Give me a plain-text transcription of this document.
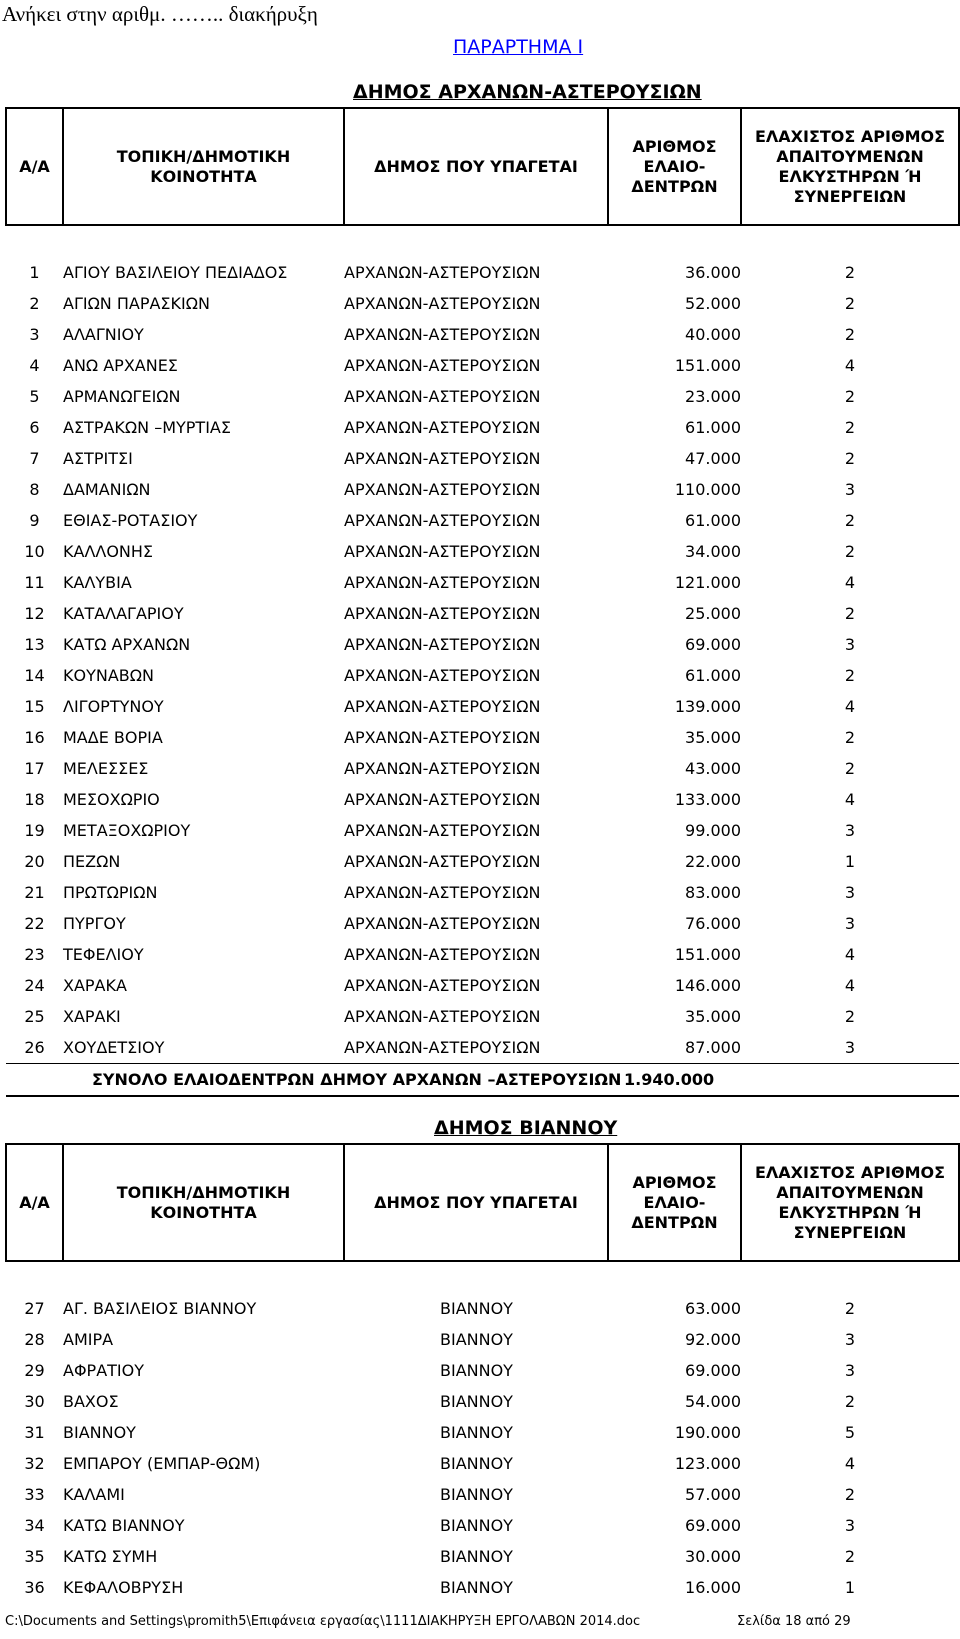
Ανήκει στην αριθμ. …….. διακήρυξη
ΠΑΡΑΡΤΗΜΑ Ι
ΔΗΜΟΣ ΑΡΧΑΝΩΝ-ΑΣΤΕΡΟΥΣΙΩΝ
Α/Α	ΤΟΠΙΚΗ/ΔΗΜΟΤΙΚΗ ΚΟΙΝΟΤΗΤΑ	ΔΗΜΟΣ ΠΟΥ ΥΠΑΓΕΤΑΙ	ΑΡΙΘΜΟΣ ΕΛΑΙΟ- ΔΕΝΤΡΩΝ	ΕΛΑΧΙΣΤΟΣ ΑΡΙΘΜΟΣ ΑΠΑΙΤΟΥΜΕΝΩΝ ΕΛΚΥΣΤΗΡΩΝ Ή ΣΥΝΕΡΓΕΙΩΝ

1	ΑΓΙΟΥ ΒΑΣΙΛΕΙΟΥ ΠΕΔΙΑΔΟΣ	ΑΡΧΑΝΩΝ-ΑΣΤΕΡΟΥΣΙΩΝ	36.000	2
2	ΑΓΙΩΝ ΠΑΡΑΣΚΙΩΝ	ΑΡΧΑΝΩΝ-ΑΣΤΕΡΟΥΣΙΩΝ	52.000	2
3	ΑΛΑΓΝΙΟΥ	ΑΡΧΑΝΩΝ-ΑΣΤΕΡΟΥΣΙΩΝ	40.000	2
4	ΑΝΩ ΑΡΧΑΝΕΣ	ΑΡΧΑΝΩΝ-ΑΣΤΕΡΟΥΣΙΩΝ	151.000	4
5	ΑΡΜΑΝΩΓΕΙΩΝ	ΑΡΧΑΝΩΝ-ΑΣΤΕΡΟΥΣΙΩΝ	23.000	2
6	ΑΣΤΡΑΚΩΝ –ΜΥΡΤΙΑΣ	ΑΡΧΑΝΩΝ-ΑΣΤΕΡΟΥΣΙΩΝ	61.000	2
7	ΑΣΤΡΙΤΣΙ	ΑΡΧΑΝΩΝ-ΑΣΤΕΡΟΥΣΙΩΝ	47.000	2
8	ΔΑΜΑΝΙΩΝ	ΑΡΧΑΝΩΝ-ΑΣΤΕΡΟΥΣΙΩΝ	110.000	3
9	ΕΘΙΑΣ-ΡΟΤΑΣΙΟΥ	ΑΡΧΑΝΩΝ-ΑΣΤΕΡΟΥΣΙΩΝ	61.000	2
10	ΚΑΛΛΟΝΗΣ	ΑΡΧΑΝΩΝ-ΑΣΤΕΡΟΥΣΙΩΝ	34.000	2
11	ΚΑΛΥΒΙΑ	ΑΡΧΑΝΩΝ-ΑΣΤΕΡΟΥΣΙΩΝ	121.000	4
12	ΚΑΤΑΛΑΓΑΡΙΟΥ	ΑΡΧΑΝΩΝ-ΑΣΤΕΡΟΥΣΙΩΝ	25.000	2
13	ΚΑΤΩ ΑΡΧΑΝΩΝ	ΑΡΧΑΝΩΝ-ΑΣΤΕΡΟΥΣΙΩΝ	69.000	3
14	ΚΟΥΝΑΒΩΝ	ΑΡΧΑΝΩΝ-ΑΣΤΕΡΟΥΣΙΩΝ	61.000	2
15	ΛΙΓΟΡΤΥΝΟΥ	ΑΡΧΑΝΩΝ-ΑΣΤΕΡΟΥΣΙΩΝ	139.000	4
16	ΜΑΔΕ ΒΟΡΙΑ	ΑΡΧΑΝΩΝ-ΑΣΤΕΡΟΥΣΙΩΝ	35.000	2
17	ΜΕΛΕΣΣΕΣ	ΑΡΧΑΝΩΝ-ΑΣΤΕΡΟΥΣΙΩΝ	43.000	2
18	ΜΕΣΟΧΩΡΙΟ	ΑΡΧΑΝΩΝ-ΑΣΤΕΡΟΥΣΙΩΝ	133.000	4
19	ΜΕΤΑΞΟΧΩΡΙΟΥ	ΑΡΧΑΝΩΝ-ΑΣΤΕΡΟΥΣΙΩΝ	99.000	3
20	ΠΕΖΩΝ	ΑΡΧΑΝΩΝ-ΑΣΤΕΡΟΥΣΙΩΝ	22.000	1
21	ΠΡΩΤΩΡΙΩΝ	ΑΡΧΑΝΩΝ-ΑΣΤΕΡΟΥΣΙΩΝ	83.000	3
22	ΠΥΡΓΟΥ	ΑΡΧΑΝΩΝ-ΑΣΤΕΡΟΥΣΙΩΝ	76.000	3
23	ΤΕΦΕΛΙΟΥ	ΑΡΧΑΝΩΝ-ΑΣΤΕΡΟΥΣΙΩΝ	151.000	4
24	ΧΑΡΑΚΑ	ΑΡΧΑΝΩΝ-ΑΣΤΕΡΟΥΣΙΩΝ	146.000	4
25	ΧΑΡΑΚΙ	ΑΡΧΑΝΩΝ-ΑΣΤΕΡΟΥΣΙΩΝ	35.000	2
26	ΧΟΥΔΕΤΣΙΟΥ	ΑΡΧΑΝΩΝ-ΑΣΤΕΡΟΥΣΙΩΝ	87.000	3
ΣΥΝΟΛΟ ΕΛΑΙΟΔΕΝΤΡΩΝ ΔΗΜΟΥ ΑΡΧΑΝΩΝ –ΑΣΤΕΡΟΥΣΙΩΝ			1.940.000	
ΔΗΜΟΣ ΒΙΑΝΝΟΥ
Α/Α	ΤΟΠΙΚΗ/ΔΗΜΟΤΙΚΗ ΚΟΙΝΟΤΗΤΑ	ΔΗΜΟΣ ΠΟΥ ΥΠΑΓΕΤΑΙ	ΑΡΙΘΜΟΣ ΕΛΑΙΟ- ΔΕΝΤΡΩΝ	ΕΛΑΧΙΣΤΟΣ ΑΡΙΘΜΟΣ ΑΠΑΙΤΟΥΜΕΝΩΝ ΕΛΚΥΣΤΗΡΩΝ Ή ΣΥΝΕΡΓΕΙΩΝ

27	ΑΓ. ΒΑΣΙΛΕΙΟΣ ΒΙΑΝΝΟΥ	ΒΙΑΝΝΟΥ	63.000	2
28	ΑΜΙΡΑ	ΒΙΑΝΝΟΥ	92.000	3
29	ΑΦΡΑΤΙΟΥ	ΒΙΑΝΝΟΥ	69.000	3
30	ΒΑΧΟΣ	ΒΙΑΝΝΟΥ	54.000	2
31	ΒΙΑΝΝΟΥ	ΒΙΑΝΝΟΥ	190.000	5
32	ΕΜΠΑΡΟΥ (ΕΜΠΑΡ-ΘΩΜ)	ΒΙΑΝΝΟΥ	123.000	4
33	ΚΑΛΑΜΙ	ΒΙΑΝΝΟΥ	57.000	2
34	ΚΑΤΩ ΒΙΑΝΝΟΥ	ΒΙΑΝΝΟΥ	69.000	3
35	ΚΑΤΩ ΣΥΜΗ	ΒΙΑΝΝΟΥ	30.000	2
36	ΚΕΦΑΛΟΒΡΥΣΗ	ΒΙΑΝΝΟΥ	16.000	1
C:\Documents and Settings\promith5\Επιφάνεια εργασίας\1111ΔΙΑΚΗΡΥΞΗ ΕΡΓΟΛΑΒΩΝ 2014.doc	Σελίδα 18 από 29
